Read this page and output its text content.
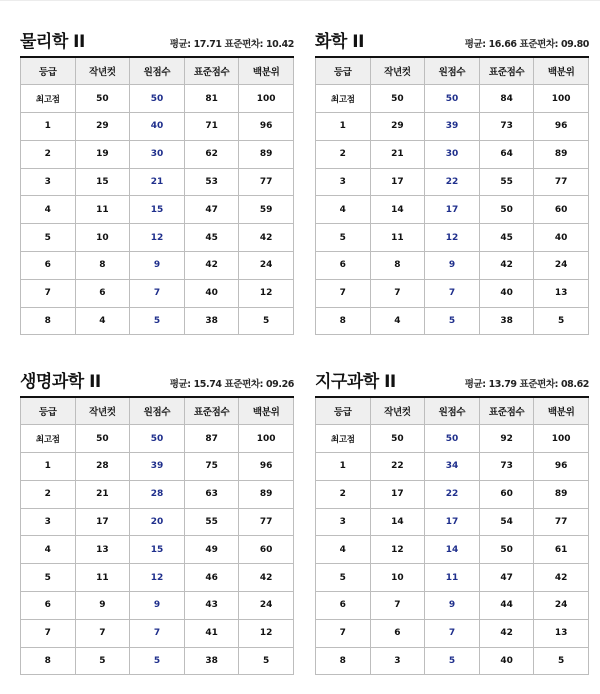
물리학 II	평균: 17.71 표준편차: 10.42
등급	작년컷	원점수	표준점수	백분위
최고점	50	50	81	100
1	29	40	71	96
2	19	30	62	89
3	15	21	53	77
4	11	15	47	59
5	10	12	45	42
6	8	9	42	24
7	6	7	40	12
8	4	5	38	5
화학 II	평균: 16.66 표준편차: 09.80
등급	작년컷	원점수	표준점수	백분위
최고점	50	50	84	100
1	29	39	73	96
2	21	30	64	89
3	17	22	55	77
4	14	17	50	60
5	11	12	45	40
6	8	9	42	24
7	7	7	40	13
8	4	5	38	5
생명과학 II	평균: 15.74 표준편차: 09.26
등급	작년컷	원점수	표준점수	백분위
최고점	50	50	87	100
1	28	39	75	96
2	21	28	63	89
3	17	20	55	77
4	13	15	49	60
5	11	12	46	42
6	9	9	43	24
7	7	7	41	12
8	5	5	38	5
지구과학 II	평균: 13.79 표준편차: 08.62
등급	작년컷	원점수	표준점수	백분위
최고점	50	50	92	100
1	22	34	73	96
2	17	22	60	89
3	14	17	54	77
4	12	14	50	61
5	10	11	47	42
6	7	9	44	24
7	6	7	42	13
8	3	5	40	5
